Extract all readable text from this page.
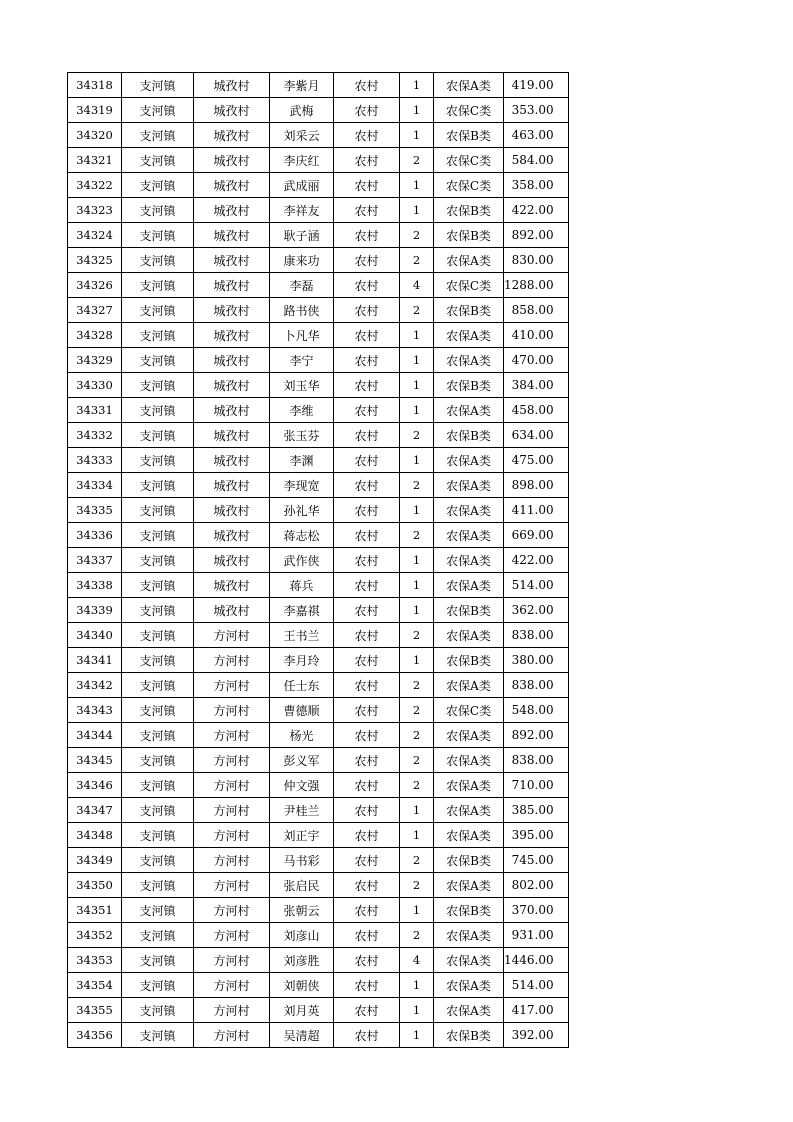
34318	支河镇	城孜村	李紫月	农村	1	农保A类	419.00
34319	支河镇	城孜村	武梅	农村	1	农保C类	353.00
34320	支河镇	城孜村	刘采云	农村	1	农保B类	463.00
34321	支河镇	城孜村	李庆红	农村	2	农保C类	584.00
34322	支河镇	城孜村	武成丽	农村	1	农保C类	358.00
34323	支河镇	城孜村	李祥友	农村	1	农保B类	422.00
34324	支河镇	城孜村	耿子涵	农村	2	农保B类	892.00
34325	支河镇	城孜村	康来功	农村	2	农保A类	830.00
34326	支河镇	城孜村	李磊	农村	4	农保C类	1288.00
34327	支河镇	城孜村	路书侠	农村	2	农保B类	858.00
34328	支河镇	城孜村	卜凡华	农村	1	农保A类	410.00
34329	支河镇	城孜村	李宁	农村	1	农保A类	470.00
34330	支河镇	城孜村	刘玉华	农村	1	农保B类	384.00
34331	支河镇	城孜村	李维	农村	1	农保A类	458.00
34332	支河镇	城孜村	张玉芬	农村	2	农保B类	634.00
34333	支河镇	城孜村	李渊	农村	1	农保A类	475.00
34334	支河镇	城孜村	李现宽	农村	2	农保A类	898.00
34335	支河镇	城孜村	孙礼华	农村	1	农保A类	411.00
34336	支河镇	城孜村	蒋志松	农村	2	农保A类	669.00
34337	支河镇	城孜村	武作侠	农村	1	农保A类	422.00
34338	支河镇	城孜村	蒋兵	农村	1	农保A类	514.00
34339	支河镇	城孜村	李嘉祺	农村	1	农保B类	362.00
34340	支河镇	方河村	王书兰	农村	2	农保A类	838.00
34341	支河镇	方河村	李月玲	农村	1	农保B类	380.00
34342	支河镇	方河村	任士东	农村	2	农保A类	838.00
34343	支河镇	方河村	曹德顺	农村	2	农保C类	548.00
34344	支河镇	方河村	杨光	农村	2	农保A类	892.00
34345	支河镇	方河村	彭义军	农村	2	农保A类	838.00
34346	支河镇	方河村	仲文强	农村	2	农保A类	710.00
34347	支河镇	方河村	尹桂兰	农村	1	农保A类	385.00
34348	支河镇	方河村	刘正宇	农村	1	农保A类	395.00
34349	支河镇	方河村	马书彩	农村	2	农保B类	745.00
34350	支河镇	方河村	张启民	农村	2	农保A类	802.00
34351	支河镇	方河村	张朝云	农村	1	农保B类	370.00
34352	支河镇	方河村	刘彦山	农村	2	农保A类	931.00
34353	支河镇	方河村	刘彦胜	农村	4	农保A类	1446.00
34354	支河镇	方河村	刘朝侠	农村	1	农保A类	514.00
34355	支河镇	方河村	刘月英	农村	1	农保A类	417.00
34356	支河镇	方河村	吴清超	农村	1	农保B类	392.00
